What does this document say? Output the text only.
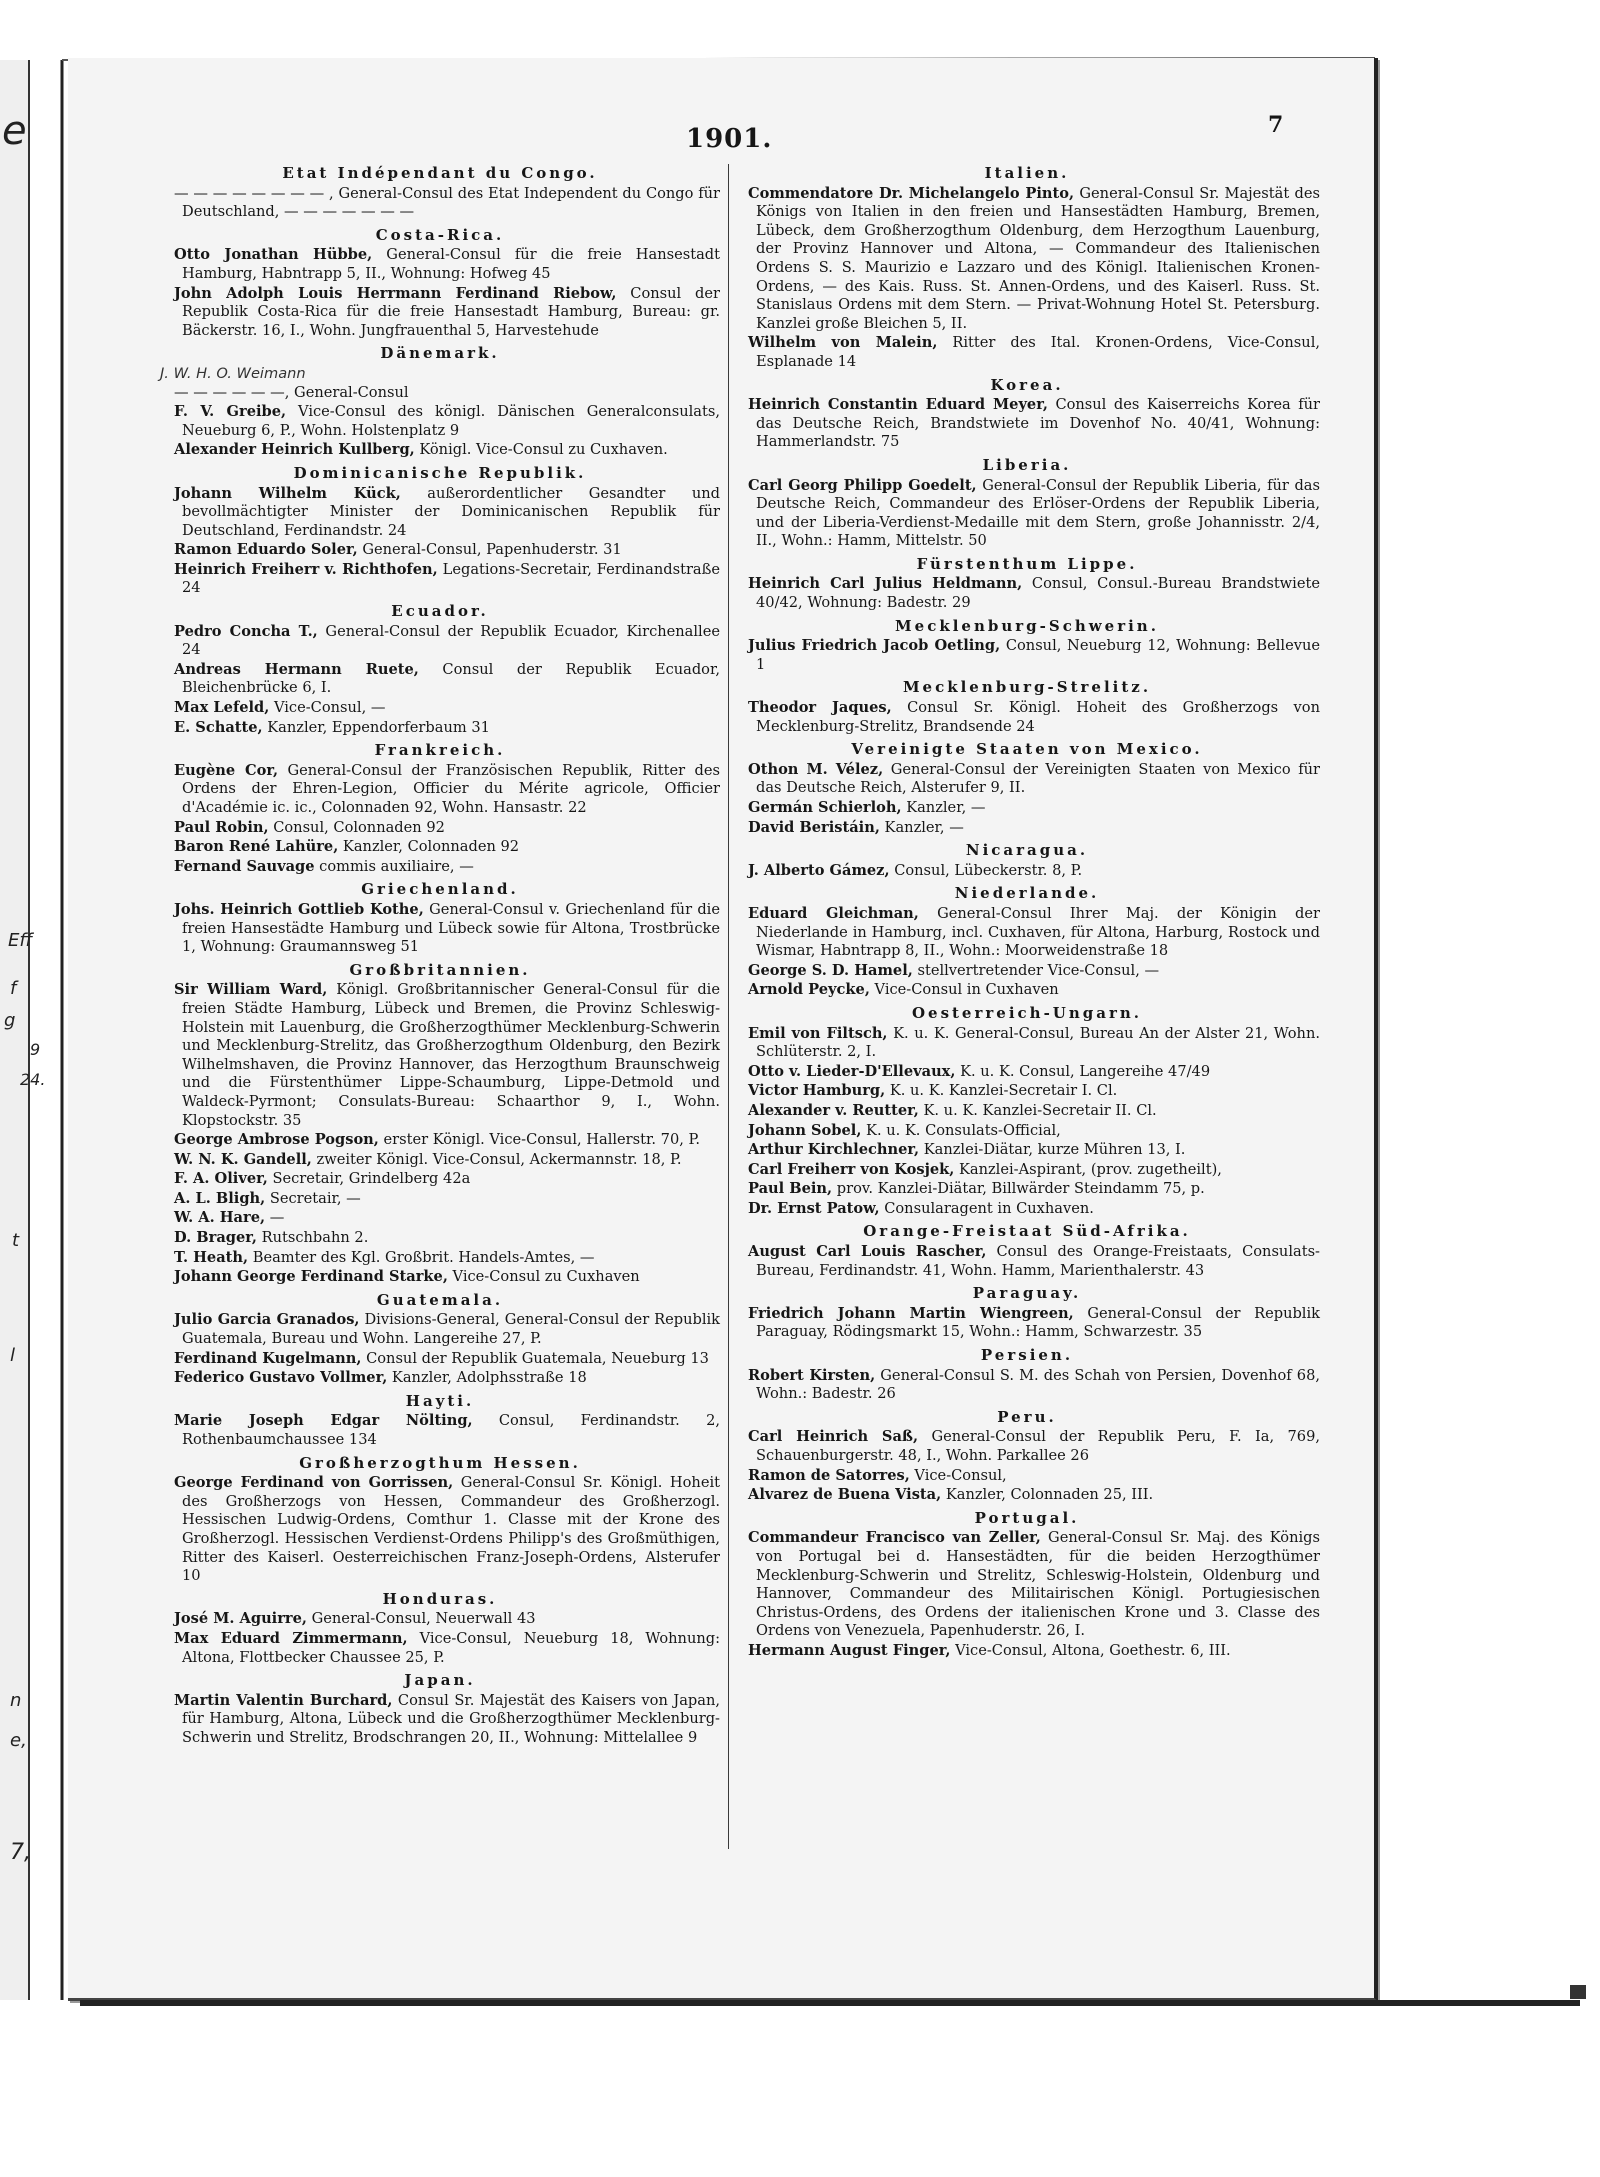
e
Eff
f
g
9
24.
t
l
n
e,
7,
1901.	7
Etat Indépendant du Congo.
— — — — — — — — , General-Consul des Etat Independent du Congo für Deutschland, — — — — — — —
Costa-Rica.
Otto Jonathan Hübbe, General-Consul für die freie Hansestadt Hamburg, Habntrapp 5, II., Wohnung: Hofweg 45
John Adolph Louis Herrmann Ferdinand Riebow, Consul der Republik Costa-Rica für die freie Hansestadt Hamburg, Bureau: gr. Bäckerstr. 16, I., Wohn. Jungfrauenthal 5, Harvestehude
Dänemark.
J. W. H. O. Weimann
— — — — — —, General-Consul
F. V. Greibe, Vice-Consul des königl. Dänischen Generalconsulats, Neueburg 6, P., Wohn. Holstenplatz 9
Alexander Heinrich Kullberg, Königl. Vice-Consul zu Cuxhaven.
Dominicanische Republik.
Johann Wilhelm Kück, außerordentlicher Gesandter und bevollmächtigter Minister der Dominicanischen Republik für Deutschland, Ferdinandstr. 24
Ramon Eduardo Soler, General-Consul, Papenhuderstr. 31
Heinrich Freiherr v. Richthofen, Legations-Secretair, Ferdinandstraße 24
Ecuador.
Pedro Concha T., General-Consul der Republik Ecuador, Kirchenallee 24
Andreas Hermann Ruete, Consul der Republik Ecuador, Bleichenbrücke 6, I.
Max Lefeld, Vice-Consul, —
E. Schatte, Kanzler, Eppendorferbaum 31
Frankreich.
Eugène Cor, General-Consul der Französischen Republik, Ritter des Ordens der Ehren-Legion, Officier du Mérite agricole, Officier d'Académie ic. ic., Colonnaden 92, Wohn. Hansastr. 22
Paul Robin, Consul, Colonnaden 92
Baron René Lahüre, Kanzler, Colonnaden 92
Fernand Sauvage commis auxiliaire, —
Griechenland.
Johs. Heinrich Gottlieb Kothe, General-Consul v. Griechenland für die freien Hansestädte Hamburg und Lübeck sowie für Altona, Trostbrücke 1, Wohnung: Graumannsweg 51
Großbritannien.
Sir William Ward, Königl. Großbritannischer General-Consul für die freien Städte Hamburg, Lübeck und Bremen, die Provinz Schleswig-Holstein mit Lauenburg, die Großherzogthümer Mecklenburg-Schwerin und Mecklenburg-Strelitz, das Großherzogthum Oldenburg, den Bezirk Wilhelmshaven, die Provinz Hannover, das Herzogthum Braunschweig und die Fürstenthümer Lippe-Schaumburg, Lippe-Detmold und Waldeck-Pyrmont; Consulats-Bureau: Schaarthor 9, I., Wohn. Klopstockstr. 35
George Ambrose Pogson, erster Königl. Vice-Consul, Hallerstr. 70, P.
W. N. K. Gandell, zweiter Königl. Vice-Consul, Ackermannstr. 18, P.
F. A. Oliver, Secretair, Grindelberg 42a
A. L. Bligh, Secretair, —
W. A. Hare, —
D. Brager, Rutschbahn 2.
T. Heath, Beamter des Kgl. Großbrit. Handels-Amtes, —
Johann George Ferdinand Starke, Vice-Consul zu Cuxhaven
Guatemala.
Julio Garcia Granados, Divisions-General, General-Consul der Republik Guatemala, Bureau und Wohn. Langereihe 27, P.
Ferdinand Kugelmann, Consul der Republik Guatemala, Neueburg 13
Federico Gustavo Vollmer, Kanzler, Adolphsstraße 18
Hayti.
Marie Joseph Edgar Nölting, Consul, Ferdinandstr. 2, Rothenbaumchaussee 134
Großherzogthum Hessen.
George Ferdinand von Gorrissen, General-Consul Sr. Königl. Hoheit des Großherzogs von Hessen, Commandeur des Großherzogl. Hessischen Ludwig-Ordens, Comthur 1. Classe mit der Krone des Großherzogl. Hessischen Verdienst-Ordens Philipp's des Großmüthigen, Ritter des Kaiserl. Oesterreichischen Franz-Joseph-Ordens, Alsterufer 10
Honduras.
José M. Aguirre, General-Consul, Neuerwall 43
Max Eduard Zimmermann, Vice-Consul, Neueburg 18, Wohnung: Altona, Flottbecker Chaussee 25, P.
Japan.
Martin Valentin Burchard, Consul Sr. Majestät des Kaisers von Japan, für Hamburg, Altona, Lübeck und die Großherzogthümer Mecklenburg-Schwerin und Strelitz, Brodschrangen 20, II., Wohnung: Mittelallee 9
Italien.
Commendatore Dr. Michelangelo Pinto, General-Consul Sr. Majestät des Königs von Italien in den freien und Hansestädten Hamburg, Bremen, Lübeck, dem Großherzogthum Oldenburg, dem Herzogthum Lauenburg, der Provinz Hannover und Altona, — Commandeur des Italienischen Ordens S. S. Maurizio e Lazzaro und des Königl. Italienischen Kronen-Ordens, — des Kais. Russ. St. Annen-Ordens, und des Kaiserl. Russ. St. Stanislaus Ordens mit dem Stern. — Privat-Wohnung Hotel St. Petersburg. Kanzlei große Bleichen 5, II.
Wilhelm von Malein, Ritter des Ital. Kronen-Ordens, Vice-Consul, Esplanade 14
Korea.
Heinrich Constantin Eduard Meyer, Consul des Kaiserreichs Korea für das Deutsche Reich, Brandstwiete im Dovenhof No. 40/41, Wohnung: Hammerlandstr. 75
Liberia.
Carl Georg Philipp Goedelt, General-Consul der Republik Liberia, für das Deutsche Reich, Commandeur des Erlöser-Ordens der Republik Liberia, und der Liberia-Verdienst-Medaille mit dem Stern, große Johannisstr. 2/4, II., Wohn.: Hamm, Mittelstr. 50
Fürstenthum Lippe.
Heinrich Carl Julius Heldmann, Consul, Consul.-Bureau Brandstwiete 40/42, Wohnung: Badestr. 29
Mecklenburg-Schwerin.
Julius Friedrich Jacob Oetling, Consul, Neueburg 12, Wohnung: Bellevue 1
Mecklenburg-Strelitz.
Theodor Jaques, Consul Sr. Königl. Hoheit des Großherzogs von Mecklenburg-Strelitz, Brandsende 24
Vereinigte Staaten von Mexico.
Othon M. Vélez, General-Consul der Vereinigten Staaten von Mexico für das Deutsche Reich, Alsterufer 9, II.
Germán Schierloh, Kanzler, —
David Beristáin, Kanzler, —
Nicaragua.
J. Alberto Gámez, Consul, Lübeckerstr. 8, P.
Niederlande.
Eduard Gleichman, General-Consul Ihrer Maj. der Königin der Niederlande in Hamburg, incl. Cuxhaven, für Altona, Harburg, Rostock und Wismar, Habntrapp 8, II., Wohn.: Moorweidenstraße 18
George S. D. Hamel, stellvertretender Vice-Consul, —
Arnold Peycke, Vice-Consul in Cuxhaven
Oesterreich-Ungarn.
Emil von Filtsch, K. u. K. General-Consul, Bureau An der Alster 21, Wohn. Schlüterstr. 2, I.
Otto v. Lieder-D'Ellevaux, K. u. K. Consul, Langereihe 47/49
Victor Hamburg, K. u. K. Kanzlei-Secretair I. Cl.
Alexander v. Reutter, K. u. K. Kanzlei-Secretair II. Cl.
Johann Sobel, K. u. K. Consulats-Official,
Arthur Kirchlechner, Kanzlei-Diätar, kurze Mühren 13, I.
Carl Freiherr von Kosjek, Kanzlei-Aspirant, (prov. zugetheilt),
Paul Bein, prov. Kanzlei-Diätar, Billwärder Steindamm 75, p.
Dr. Ernst Patow, Consularagent in Cuxhaven.
Orange-Freistaat Süd-Afrika.
August Carl Louis Rascher, Consul des Orange-Freistaats, Consulats-Bureau, Ferdinandstr. 41, Wohn. Hamm, Marienthalerstr. 43
Paraguay.
Friedrich Johann Martin Wiengreen, General-Consul der Republik Paraguay, Rödingsmarkt 15, Wohn.: Hamm, Schwarzestr. 35
Persien.
Robert Kirsten, General-Consul S. M. des Schah von Persien, Dovenhof 68, Wohn.: Badestr. 26
Peru.
Carl Heinrich Saß, General-Consul der Republik Peru, F. Ia, 769, Schauenburgerstr. 48, I., Wohn. Parkallee 26
Ramon de Satorres, Vice-Consul,
Alvarez de Buena Vista, Kanzler, Colonnaden 25, III.
Portugal.
Commandeur Francisco van Zeller, General-Consul Sr. Maj. des Königs von Portugal bei d. Hansestädten, für die beiden Herzogthümer Mecklenburg-Schwerin und Strelitz, Schleswig-Holstein, Oldenburg und Hannover, Commandeur des Militairischen Königl. Portugiesischen Christus-Ordens, des Ordens der italienischen Krone und 3. Classe des Ordens von Venezuela, Papenhuderstr. 26, I.
Hermann August Finger, Vice-Consul, Altona, Goethestr. 6, III.
